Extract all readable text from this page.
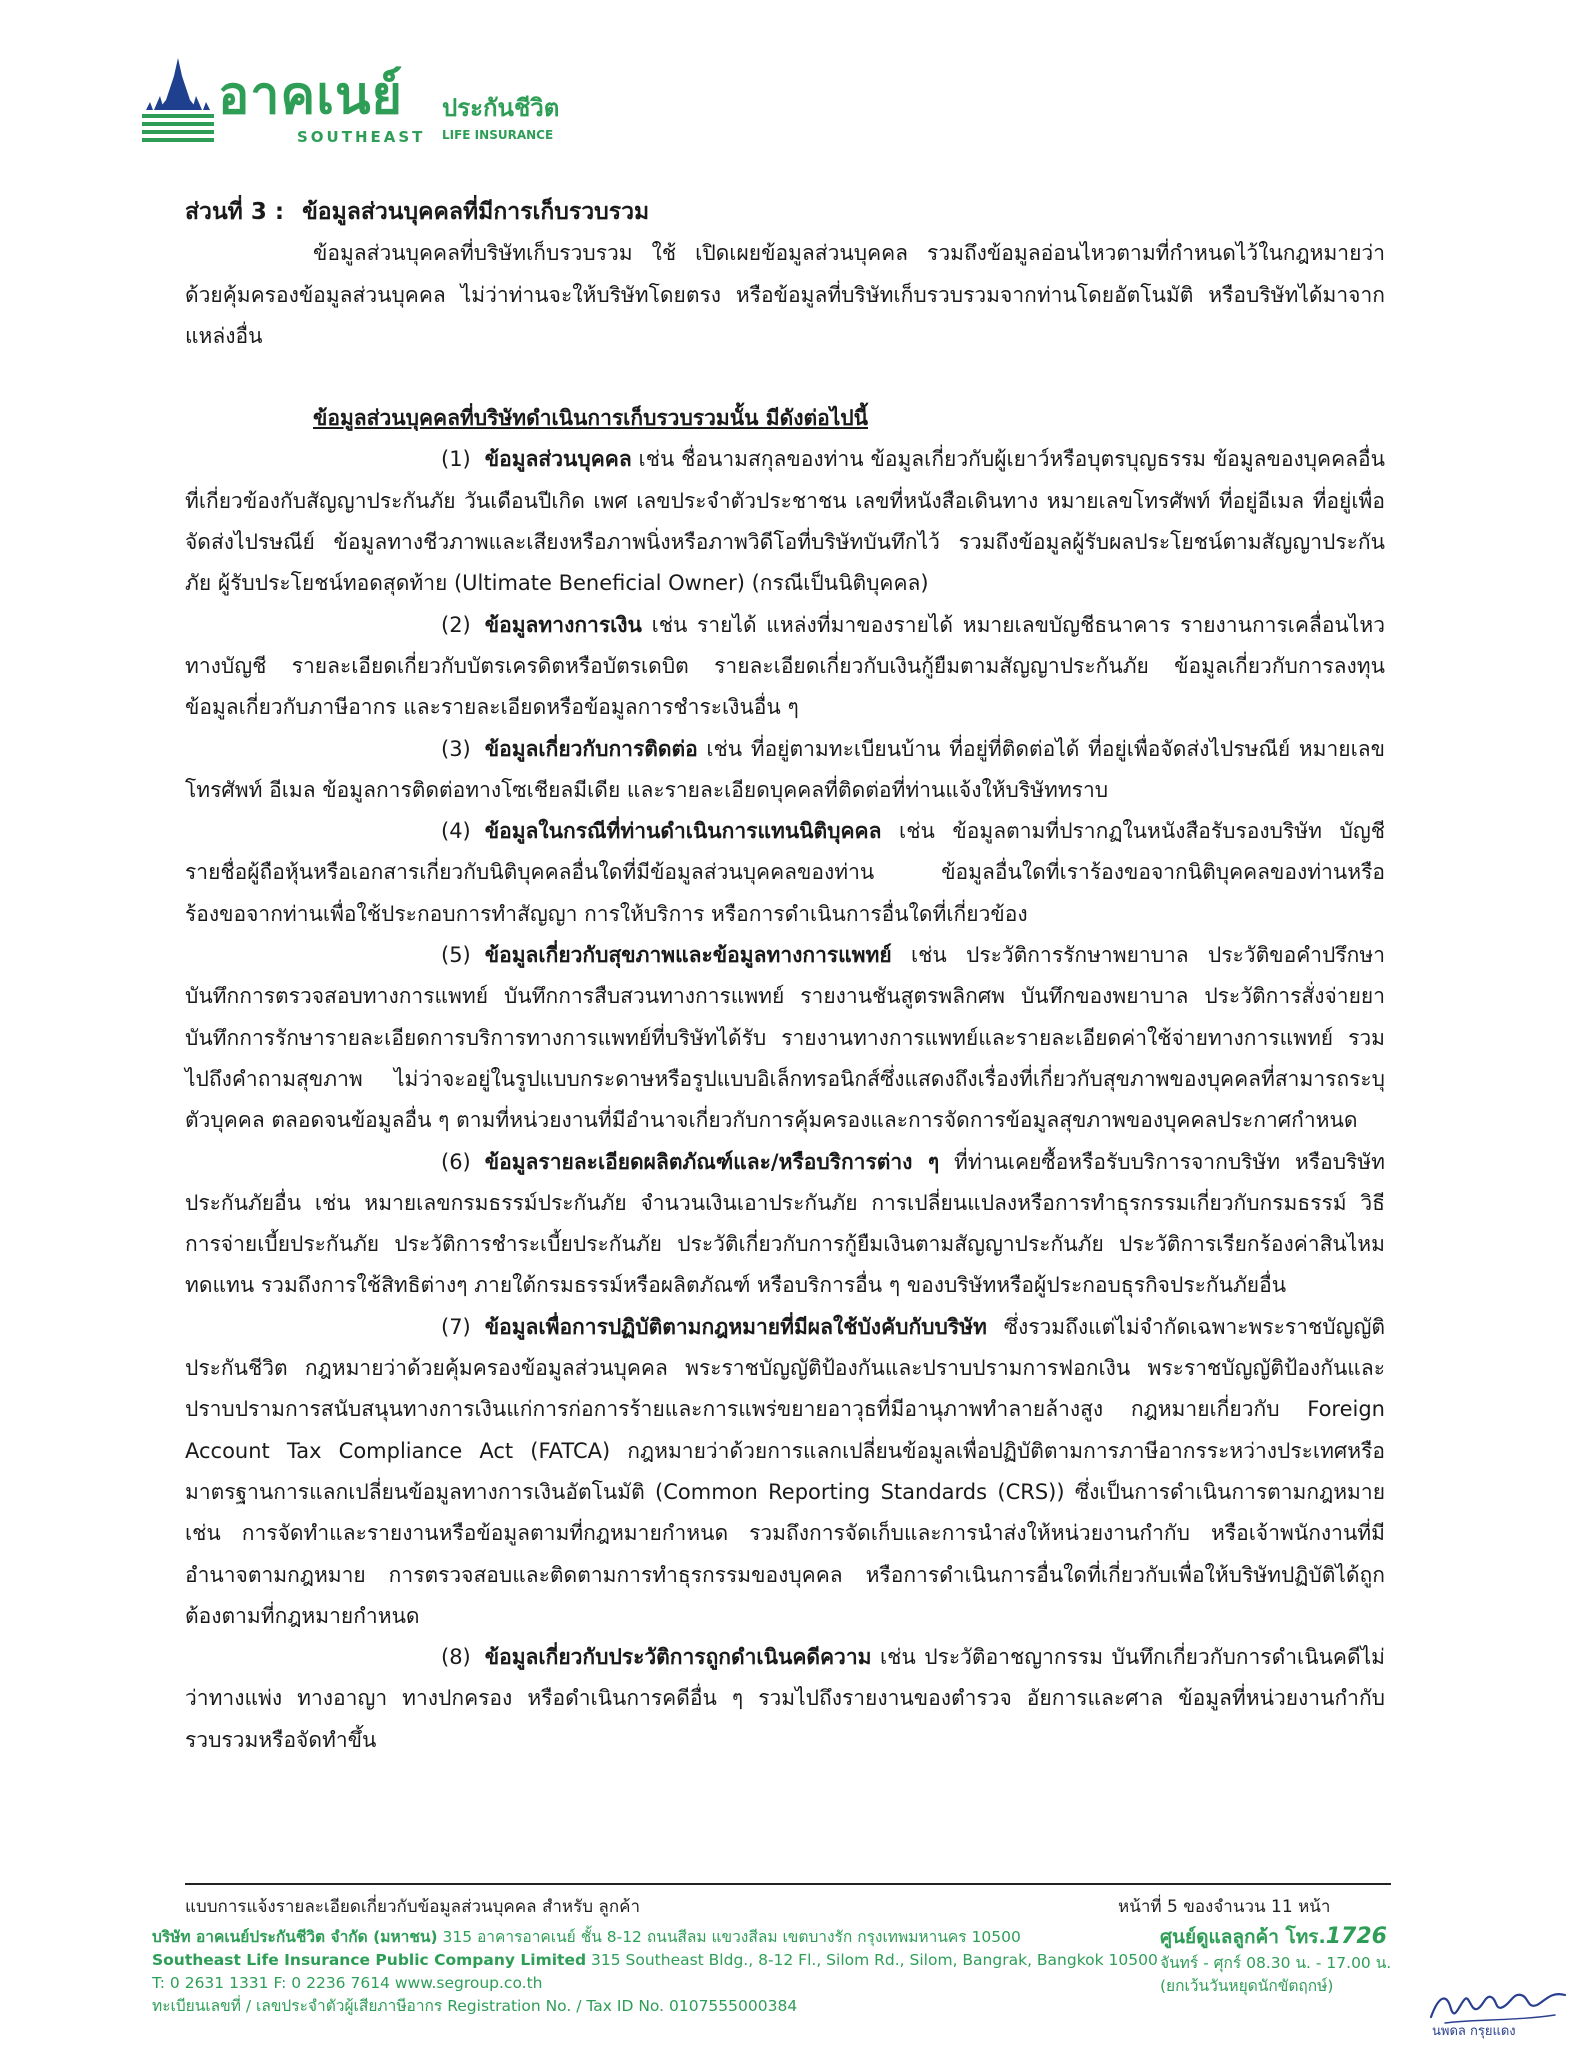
อาคเนย์ ประกันชีวิต
SOUTHEAST LIFE INSURANCE

ส่วนที่ 3 : ข้อมูลส่วนบุคคลที่มีการเก็บรวบรวม

ข้อมูลส่วนบุคคลที่บริษัทเก็บรวบรวม ใช้ เปิดเผยข้อมูลส่วนบุคคล รวมถึงข้อมูลอ่อนไหวตามที่กำหนดไว้ในกฎหมายว่าด้วยคุ้มครองข้อมูลส่วนบุคคล ไม่ว่าท่านจะให้บริษัทโดยตรง หรือข้อมูลที่บริษัทเก็บรวบรวมจากท่านโดยอัตโนมัติ หรือบริษัทได้มาจากแหล่งอื่น

ข้อมูลส่วนบุคคลที่บริษัทดำเนินการเก็บรวบรวมนั้น มีดังต่อไปนี้

(1) ข้อมูลส่วนบุคคล เช่น ชื่อนามสกุลของท่าน ข้อมูลเกี่ยวกับผู้เยาว์หรือบุตรบุญธรรม ข้อมูลของบุคคลอื่นที่เกี่ยวข้องกับสัญญาประกันภัย วันเดือนปีเกิด เพศ เลขประจำตัวประชาชน เลขที่หนังสือเดินทาง หมายเลขโทรศัพท์ ที่อยู่อีเมล ที่อยู่เพื่อจัดส่งไปรษณีย์ ข้อมูลทางชีวภาพและเสียงหรือภาพนิ่งหรือภาพวิดีโอที่บริษัทบันทึกไว้ รวมถึงข้อมูลผู้รับผลประโยชน์ตามสัญญาประกันภัย ผู้รับประโยชน์ทอดสุดท้าย (Ultimate Beneficial Owner) (กรณีเป็นนิติบุคคล)

(2) ข้อมูลทางการเงิน เช่น รายได้ แหล่งที่มาของรายได้ หมายเลขบัญชีธนาคาร รายงานการเคลื่อนไหวทางบัญชี รายละเอียดเกี่ยวกับบัตรเครดิตหรือบัตรเดบิต รายละเอียดเกี่ยวกับเงินกู้ยืมตามสัญญาประกันภัย ข้อมูลเกี่ยวกับการลงทุน ข้อมูลเกี่ยวกับภาษีอากร และรายละเอียดหรือข้อมูลการชำระเงินอื่น ๆ

(3) ข้อมูลเกี่ยวกับการติดต่อ เช่น ที่อยู่ตามทะเบียนบ้าน ที่อยู่ที่ติดต่อได้ ที่อยู่เพื่อจัดส่งไปรษณีย์ หมายเลขโทรศัพท์ อีเมล ข้อมูลการติดต่อทางโซเชียลมีเดีย และรายละเอียดบุคคลที่ติดต่อที่ท่านแจ้งให้บริษัททราบ

(4) ข้อมูลในกรณีที่ท่านดำเนินการแทนนิติบุคคล เช่น ข้อมูลตามที่ปรากฏในหนังสือรับรองบริษัท บัญชีรายชื่อผู้ถือหุ้นหรือเอกสารเกี่ยวกับนิติบุคคลอื่นใดที่มีข้อมูลส่วนบุคคลของท่าน ข้อมูลอื่นใดที่เราร้องขอจากนิติบุคคลของท่านหรือร้องขอจากท่านเพื่อใช้ประกอบการทำสัญญา การให้บริการ หรือการดำเนินการอื่นใดที่เกี่ยวข้อง

(5) ข้อมูลเกี่ยวกับสุขภาพและข้อมูลทางการแพทย์ เช่น ประวัติการรักษาพยาบาล ประวัติขอคำปรึกษา บันทึกการตรวจสอบทางการแพทย์ บันทึกการสืบสวนทางการแพทย์ รายงานชันสูตรพลิกศพ บันทึกของพยาบาล ประวัติการสั่งจ่ายยา บันทึกการรักษารายละเอียดการบริการทางการแพทย์ที่บริษัทได้รับ รายงานทางการแพทย์และรายละเอียดค่าใช้จ่ายทางการแพทย์ รวมไปถึงคำถามสุขภาพ ไม่ว่าจะอยู่ในรูปแบบกระดาษหรือรูปแบบอิเล็กทรอนิกส์ซึ่งแสดงถึงเรื่องที่เกี่ยวกับสุขภาพของบุคคลที่สามารถระบุตัวบุคคล ตลอดจนข้อมูลอื่น ๆ ตามที่หน่วยงานที่มีอำนาจเกี่ยวกับการคุ้มครองและการจัดการข้อมูลสุขภาพของบุคคลประกาศกำหนด

(6) ข้อมูลรายละเอียดผลิตภัณฑ์และ/หรือบริการต่าง ๆ ที่ท่านเคยซื้อหรือรับบริการจากบริษัท หรือบริษัทประกันภัยอื่น เช่น หมายเลขกรมธรรม์ประกันภัย จำนวนเงินเอาประกันภัย การเปลี่ยนแปลงหรือการทำธุรกรรมเกี่ยวกับกรมธรรม์ วิธีการจ่ายเบี้ยประกันภัย ประวัติการชำระเบี้ยประกันภัย ประวัติเกี่ยวกับการกู้ยืมเงินตามสัญญาประกันภัย ประวัติการเรียกร้องค่าสินไหมทดแทน รวมถึงการใช้สิทธิต่างๆ ภายใต้กรมธรรม์หรือผลิตภัณฑ์ หรือบริการอื่น ๆ ของบริษัทหรือผู้ประกอบธุรกิจประกันภัยอื่น

(7) ข้อมูลเพื่อการปฏิบัติตามกฎหมายที่มีผลใช้บังคับกับบริษัท ซึ่งรวมถึงแต่ไม่จำกัดเฉพาะพระราชบัญญัติประกันชีวิต กฎหมายว่าด้วยคุ้มครองข้อมูลส่วนบุคคล พระราชบัญญัติป้องกันและปราบปรามการฟอกเงิน พระราชบัญญัติป้องกันและปราบปรามการสนับสนุนทางการเงินแก่การก่อการร้ายและการแพร่ขยายอาวุธที่มีอานุภาพทำลายล้างสูง กฎหมายเกี่ยวกับ Foreign Account Tax Compliance Act (FATCA) กฎหมายว่าด้วยการแลกเปลี่ยนข้อมูลเพื่อปฏิบัติตามการภาษีอากรระหว่างประเทศหรือมาตรฐานการแลกเปลี่ยนข้อมูลทางการเงินอัตโนมัติ (Common Reporting Standards (CRS)) ซึ่งเป็นการดำเนินการตามกฎหมาย เช่น การจัดทำและรายงานหรือข้อมูลตามที่กฎหมายกำหนด รวมถึงการจัดเก็บและการนำส่งให้หน่วยงานกำกับ หรือเจ้าพนักงานที่มีอำนาจตามกฎหมาย การตรวจสอบและติดตามการทำธุรกรรมของบุคคล หรือการดำเนินการอื่นใดที่เกี่ยวกับเพื่อให้บริษัทปฏิบัติได้ถูกต้องตามที่กฎหมายกำหนด

(8) ข้อมูลเกี่ยวกับประวัติการถูกดำเนินคดีความ เช่น ประวัติอาชญากรรม บันทึกเกี่ยวกับการดำเนินคดีไม่ว่าทางแพ่ง ทางอาญา ทางปกครอง หรือดำเนินการคดีอื่น ๆ รวมไปถึงรายงานของตำรวจ อัยการและศาล ข้อมูลที่หน่วยงานกำกับรวบรวมหรือจัดทำขึ้น

แบบการแจ้งรายละเอียดเกี่ยวกับข้อมูลส่วนบุคคล สำหรับ ลูกค้า	หน้าที่ 5 ของจำนวน 11 หน้า
บริษัท อาคเนย์ประกันชีวิต จำกัด (มหาชน) 315 อาคารอาคเนย์ ชั้น 8-12 ถนนสีลม แขวงสีลม เขตบางรัก กรุงเทพมหานคร 10500
Southeast Life Insurance Public Company Limited 315 Southeast Bldg., 8-12 Fl., Silom Rd., Silom, Bangrak, Bangkok 10500
T: 0 2631 1331 F: 0 2236 7614 www.segroup.co.th
ทะเบียนเลขที่ / เลขประจำตัวผู้เสียภาษีอากร Registration No. / Tax ID No. 0107555000384
ศูนย์ดูแลลูกค้า โทร.1726
จันทร์ - ศุกร์ 08.30 น. - 17.00 น.
(ยกเว้นวันหยุดนักขัตฤกษ์)
นพดล กรุยแดง
